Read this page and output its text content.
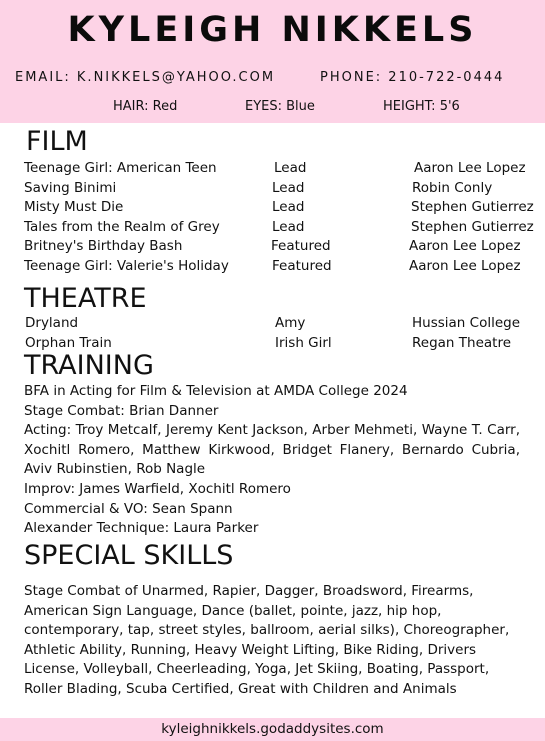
KYLEIGH NIKKELS
EMAIL: K.NIKKELS@YAHOO.COM	PHONE: 210-722-0444
HAIR: Red	EYES: Blue	HEIGHT: 5'6
FILM
Teenage Girl: American Teen	Lead	Aaron Lee Lopez
Saving Binimi	Lead	Robin Conly
Misty Must Die	Lead	Stephen Gutierrez
Tales from the Realm of Grey	Lead	Stephen Gutierrez
Britney's Birthday Bash	Featured	Aaron Lee Lopez
Teenage Girl: Valerie's Holiday	Featured	Aaron Lee Lopez
THEATRE
Dryland	Amy	Hussian College
Orphan Train	Irish Girl	Regan Theatre
TRAINING
BFA in Acting for Film & Television at AMDA College 2024
Stage Combat: Brian Danner
Acting: Troy Metcalf, Jeremy Kent Jackson, Arber Mehmeti, Wayne T. Carr, Xochitl Romero, Matthew Kirkwood, Bridget Flanery, Bernardo Cubria, Aviv Rubinstien, Rob Nagle
Improv: James Warfield, Xochitl Romero
Commercial & VO: Sean Spann
Alexander Technique: Laura Parker
SPECIAL SKILLS
Stage Combat of Unarmed, Rapier, Dagger, Broadsword, Firearms, American Sign Language, Dance (ballet, pointe, jazz, hip hop, contemporary, tap, street styles, ballroom, aerial silks), Choreographer, Athletic Ability, Running, Heavy Weight Lifting, Bike Riding, Drivers License, Volleyball, Cheerleading, Yoga, Jet Skiing, Boating, Passport, Roller Blading, Scuba Certified, Great with Children and Animals
kyleighnikkels.godaddysites.com
